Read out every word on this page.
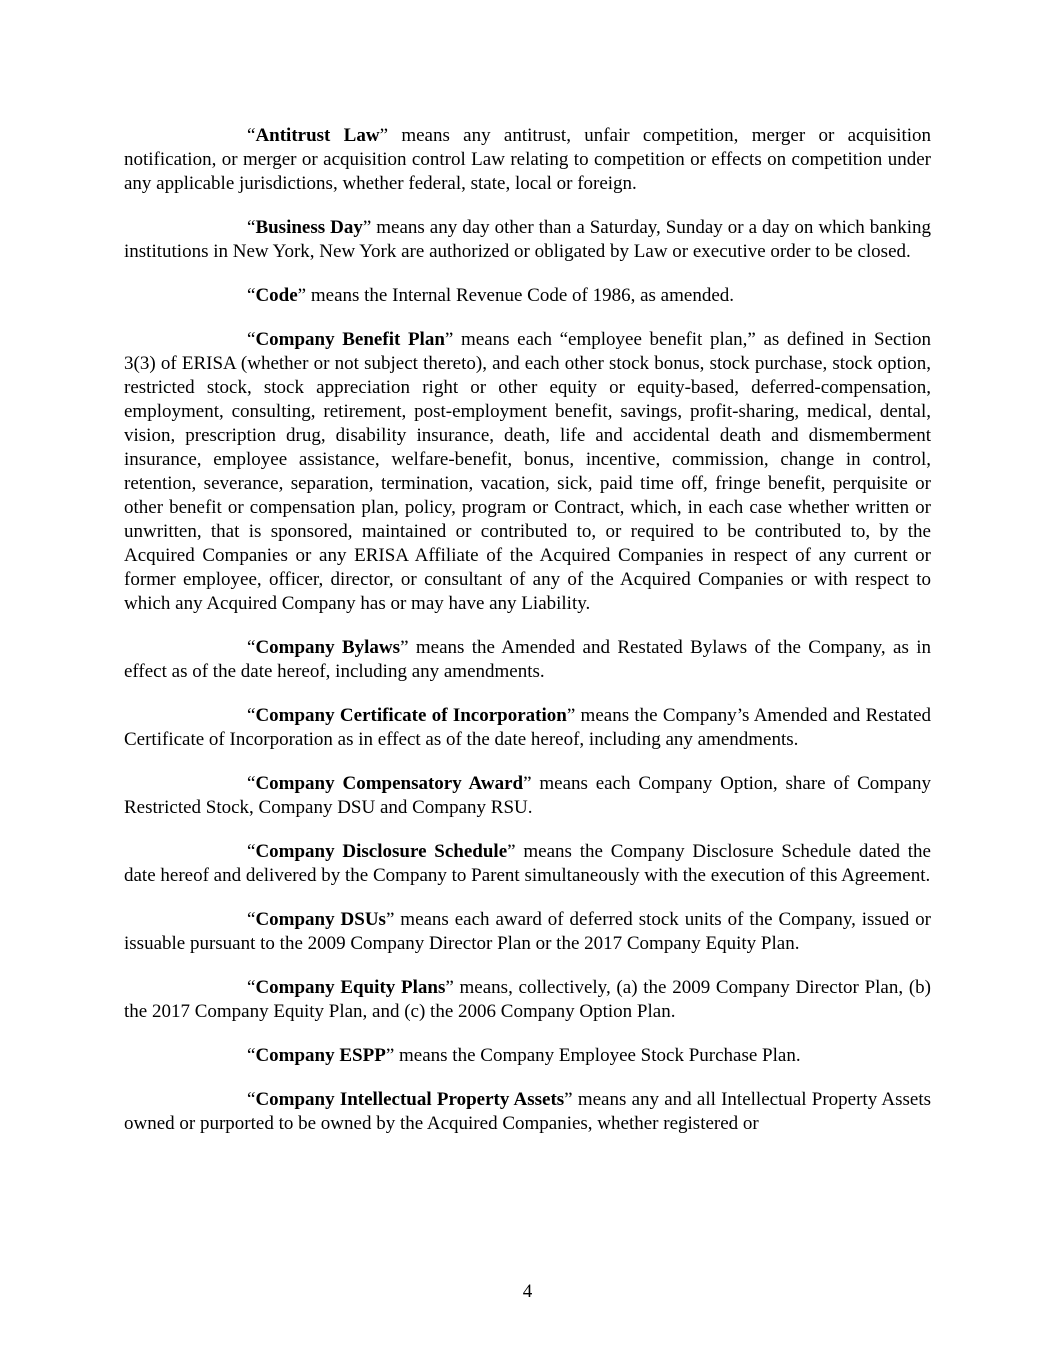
“Antitrust Law” means any antitrust, unfair competition, merger or acquisition notification, or merger or acquisition control Law relating to competition or effects on competition under any applicable jurisdictions, whether federal, state, local or foreign.

“Business Day” means any day other than a Saturday, Sunday or a day on which banking institutions in New York, New York are authorized or obligated by Law or executive order to be closed.

“Code” means the Internal Revenue Code of 1986, as amended.

“Company Benefit Plan” means each “employee benefit plan,” as defined in Section 3(3) of ERISA (whether or not subject thereto), and each other stock bonus, stock purchase, stock option, restricted stock, stock appreciation right or other equity or equity-based, deferred-compensation, employment, consulting, retirement, post-employment benefit, savings, profit-sharing, medical, dental, vision, prescription drug, disability insurance, death, life and accidental death and dismemberment insurance, employee assistance, welfare-benefit, bonus, incentive, commission, change in control, retention, severance, separation, termination, vacation, sick, paid time off, fringe benefit, perquisite or other benefit or compensation plan, policy, program or Contract, which, in each case whether written or unwritten, that is sponsored, maintained or contributed to, or required to be contributed to, by the Acquired Companies or any ERISA Affiliate of the Acquired Companies in respect of any current or former employee, officer, director, or consultant of any of the Acquired Companies or with respect to which any Acquired Company has or may have any Liability.

“Company Bylaws” means the Amended and Restated Bylaws of the Company, as in effect as of the date hereof, including any amendments.

“Company Certificate of Incorporation” means the Company’s Amended and Restated Certificate of Incorporation as in effect as of the date hereof, including any amendments.

“Company Compensatory Award” means each Company Option, share of Company Restricted Stock, Company DSU and Company RSU.

“Company Disclosure Schedule” means the Company Disclosure Schedule dated the date hereof and delivered by the Company to Parent simultaneously with the execution of this Agreement.

“Company DSUs” means each award of deferred stock units of the Company, issued or issuable pursuant to the 2009 Company Director Plan or the 2017 Company Equity Plan.

“Company Equity Plans” means, collectively, (a) the 2009 Company Director Plan, (b) the 2017 Company Equity Plan, and (c) the 2006 Company Option Plan.

“Company ESPP” means the Company Employee Stock Purchase Plan.

“Company Intellectual Property Assets” means any and all Intellectual Property Assets owned or purported to be owned by the Acquired Companies, whether registered or

4
